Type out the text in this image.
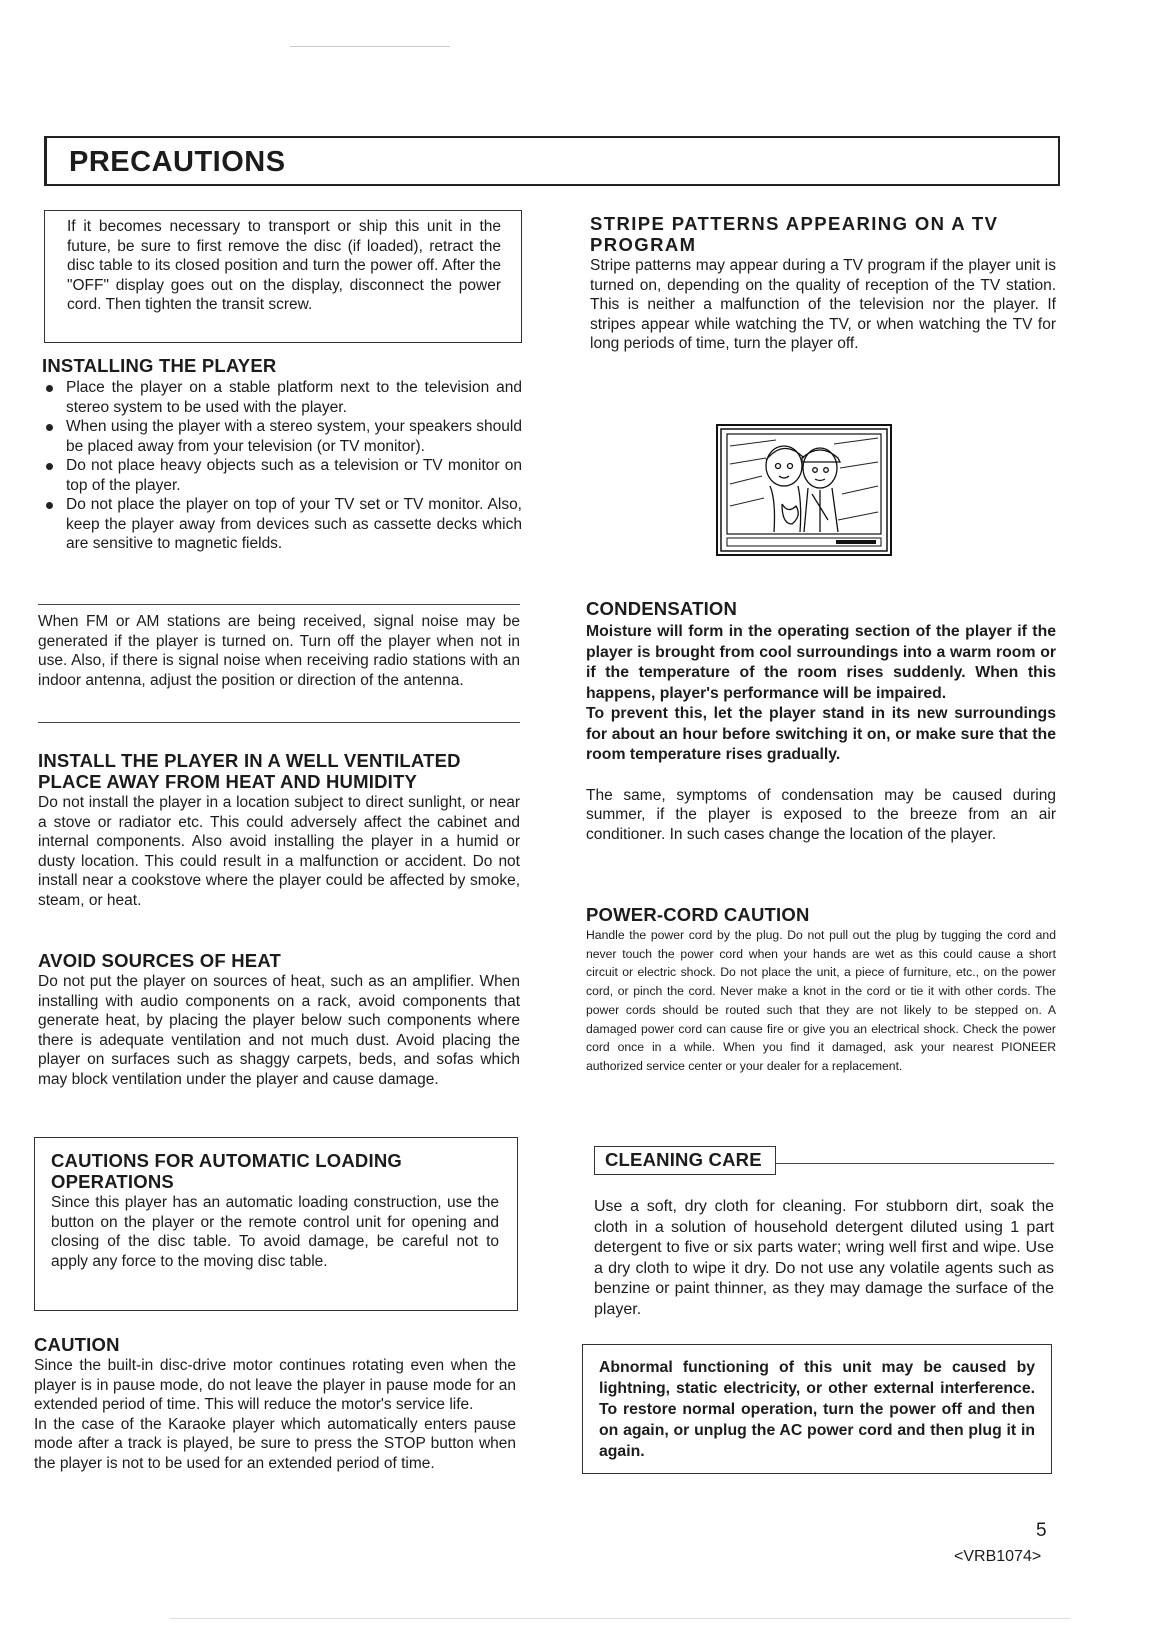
PRECAUTIONS

If it becomes necessary to transport or ship this unit in the future, be sure to first remove the disc (if loaded), retract the disc table to its closed position and turn the power off. After the "OFF" display goes out on the display, disconnect the power cord. Then tighten the transit screw.

INSTALLING THE PLAYER
Place the player on a stable platform next to the television and stereo system to be used with the player.
When using the player with a stereo system, your speakers should be placed away from your television (or TV monitor).
Do not place heavy objects such as a television or TV monitor on top of the player.
Do not place the player on top of your TV set or TV monitor. Also, keep the player away from devices such as cassette decks which are sensitive to magnetic fields.

When FM or AM stations are being received, signal noise may be generated if the player is turned on. Turn off the player when not in use. Also, if there is signal noise when receiving radio stations with an indoor antenna, adjust the position or direction of the antenna.

INSTALL THE PLAYER IN A WELL VENTILATED PLACE AWAY FROM HEAT AND HUMIDITY

Do not install the player in a location subject to direct sunlight, or near a stove or radiator etc. This could adversely affect the cabinet and internal components. Also avoid installing the player in a humid or dusty location. This could result in a malfunction or accident. Do not install near a cookstove where the player could be affected by smoke, steam, or heat.

AVOID SOURCES OF HEAT

Do not put the player on sources of heat, such as an amplifier. When installing with audio components on a rack, avoid components that generate heat, by placing the player below such components where there is adequate ventilation and not much dust. Avoid placing the player on surfaces such as shaggy carpets, beds, and sofas which may block ventilation under the player and cause damage.

CAUTIONS FOR AUTOMATIC LOADING OPERATIONS

Since this player has an automatic loading construction, use the button on the player or the remote control unit for opening and closing of the disc table. To avoid damage, be careful not to apply any force to the moving disc table.

CAUTION

Since the built-in disc-drive motor continues rotating even when the player is in pause mode, do not leave the player in pause mode for an extended period of time. This will reduce the motor's service life.

In the case of the Karaoke player which automatically enters pause mode after a track is played, be sure to press the STOP button when the player is not to be used for an extended period of time.

STRIPE PATTERNS APPEARING ON A TV PROGRAM

Stripe patterns may appear during a TV program if the player unit is turned on, depending on the quality of reception of the TV station. This is neither a malfunction of the television nor the player. If stripes appear while watching the TV, or when watching the TV for long periods of time, turn the player off.

CONDENSATION

Moisture will form in the operating section of the player if the player is brought from cool surroundings into a warm room or if the temperature of the room rises suddenly. When this happens, player's performance will be impaired.

To prevent this, let the player stand in its new surroundings for about an hour before switching it on, or make sure that the room temperature rises gradually.

The same, symptoms of condensation may be caused during summer, if the player is exposed to the breeze from an air conditioner. In such cases change the location of the player.

POWER-CORD CAUTION

Handle the power cord by the plug. Do not pull out the plug by tugging the cord and never touch the power cord when your hands are wet as this could cause a short circuit or electric shock. Do not place the unit, a piece of furniture, etc., on the power cord, or pinch the cord. Never make a knot in the cord or tie it with other cords. The power cords should be routed such that they are not likely to be stepped on. A damaged power cord can cause fire or give you an electrical shock. Check the power cord once in a while. When you find it damaged, ask your nearest PIONEER authorized service center or your dealer for a replacement.

CLEANING CARE

Use a soft, dry cloth for cleaning. For stubborn dirt, soak the cloth in a solution of household detergent diluted using 1 part detergent to five or six parts water; wring well first and wipe. Use a dry cloth to wipe it dry. Do not use any volatile agents such as benzine or paint thinner, as they may damage the surface of the player.

Abnormal functioning of this unit may be caused by lightning, static electricity, or other external interference. To restore normal operation, turn the power off and then on again, or unplug the AC power cord and then plug it in again.

5
<VRB1074>
